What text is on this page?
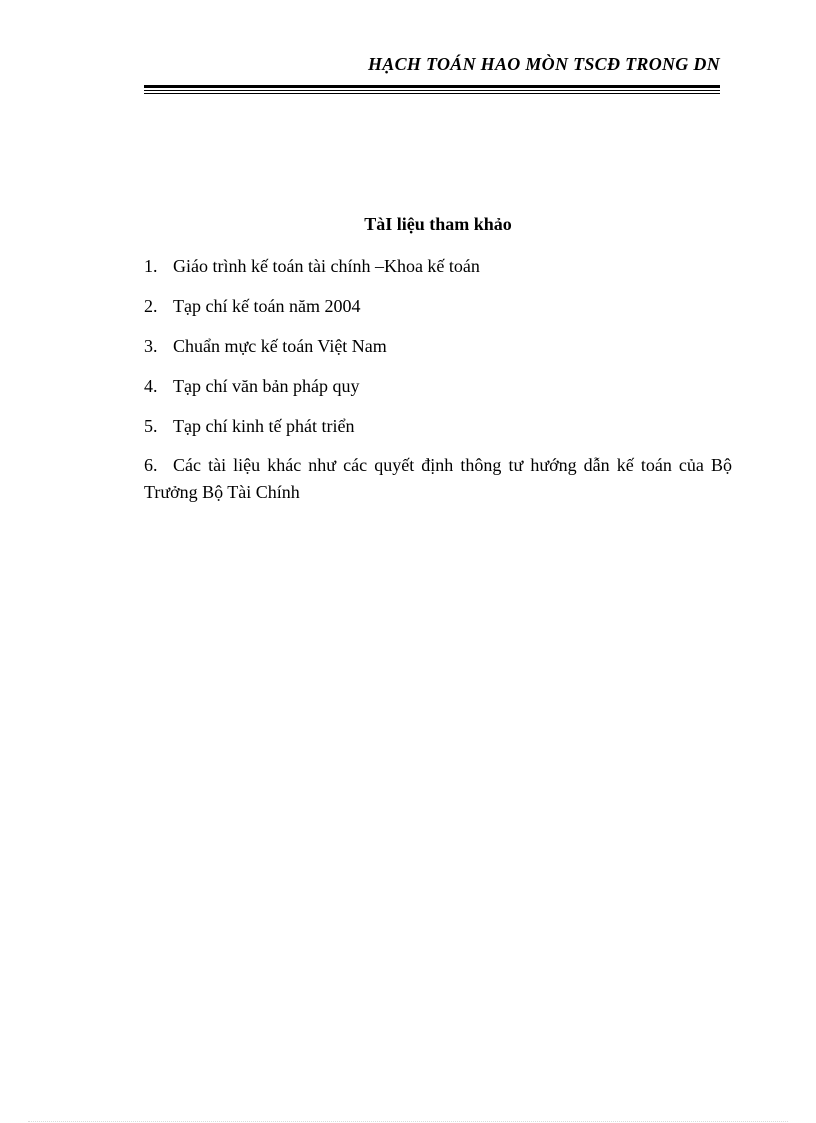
HẠCH TOÁN HAO MÒN TSCĐ TRONG DN
TàI liệu tham khảo
1. Giáo trình kế toán tài chính –Khoa kế toán
2. Tạp chí kế toán năm 2004
3. Chuẩn mực kế toán Việt Nam
4. Tạp chí văn bản pháp quy
5. Tạp chí kinh tế phát triển
6. Các tài liệu khác như các quyết định thông tư hướng dẫn kế toán của Bộ Trưởng Bộ Tài Chính
